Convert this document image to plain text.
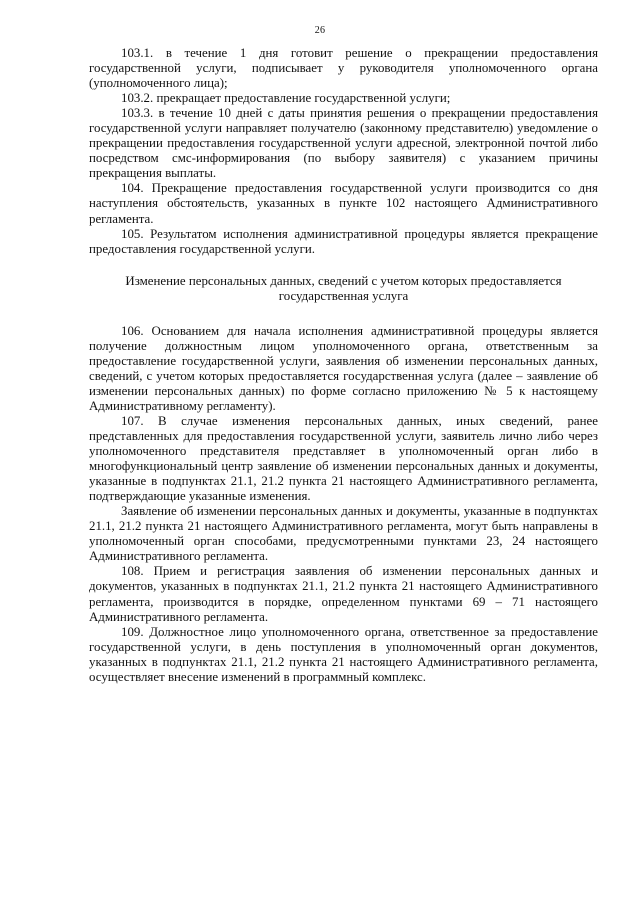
26

103.1. в течение 1 дня готовит решение о прекращении предоставления государственной услуги, подписывает у руководителя уполномоченного органа (уполномоченного лица);

103.2. прекращает предоставление государственной услуги;

103.3. в течение 10 дней с даты принятия решения о прекращении предоставления государственной услуги направляет получателю (законному представителю) уведомление о прекращении предоставления государственной услуги адресной, электронной почтой либо посредством смс-информирования (по выбору заявителя) с указанием причины прекращения выплаты.

104. Прекращение предоставления государственной услуги производится со дня наступления обстоятельств, указанных в пункте 102 настоящего Административного регламента.

105. Результатом исполнения административной процедуры является прекращение предоставления государственной услуги.

Изменение персональных данных, сведений с учетом которых предоставляется государственная услуга

106. Основанием для начала исполнения административной процедуры является получение должностным лицом уполномоченного органа, ответственным за предоставление государственной услуги, заявления об изменении персональных данных, сведений, с учетом которых предоставляется государственная услуга (далее – заявление об изменении персональных данных) по форме согласно приложению № 5 к настоящему Административному регламенту).

107. В случае изменения персональных данных, иных сведений, ранее представленных для предоставления государственной услуги, заявитель лично либо через уполномоченного представителя представляет в уполномоченный орган либо в многофункциональный центр заявление об изменении персональных данных и документы, указанные в подпунктах 21.1, 21.2 пункта 21 настоящего Административного регламента, подтверждающие указанные изменения.

Заявление об изменении персональных данных и документы, указанные в подпунктах 21.1, 21.2 пункта 21 настоящего Административного регламента, могут быть направлены в уполномоченный орган способами, предусмотренными пунктами 23, 24 настоящего Административного регламента.

108. Прием и регистрация заявления об изменении персональных данных и документов, указанных в подпунктах 21.1, 21.2 пункта 21 настоящего Административного регламента, производится в порядке, определенном пунктами 69 – 71 настоящего Административного регламента.

109. Должностное лицо уполномоченного органа, ответственное за предоставление государственной услуги, в день поступления в уполномоченный орган документов, указанных в подпунктах 21.1, 21.2 пункта 21 настоящего Административного регламента, осуществляет внесение изменений в программный комплекс.
